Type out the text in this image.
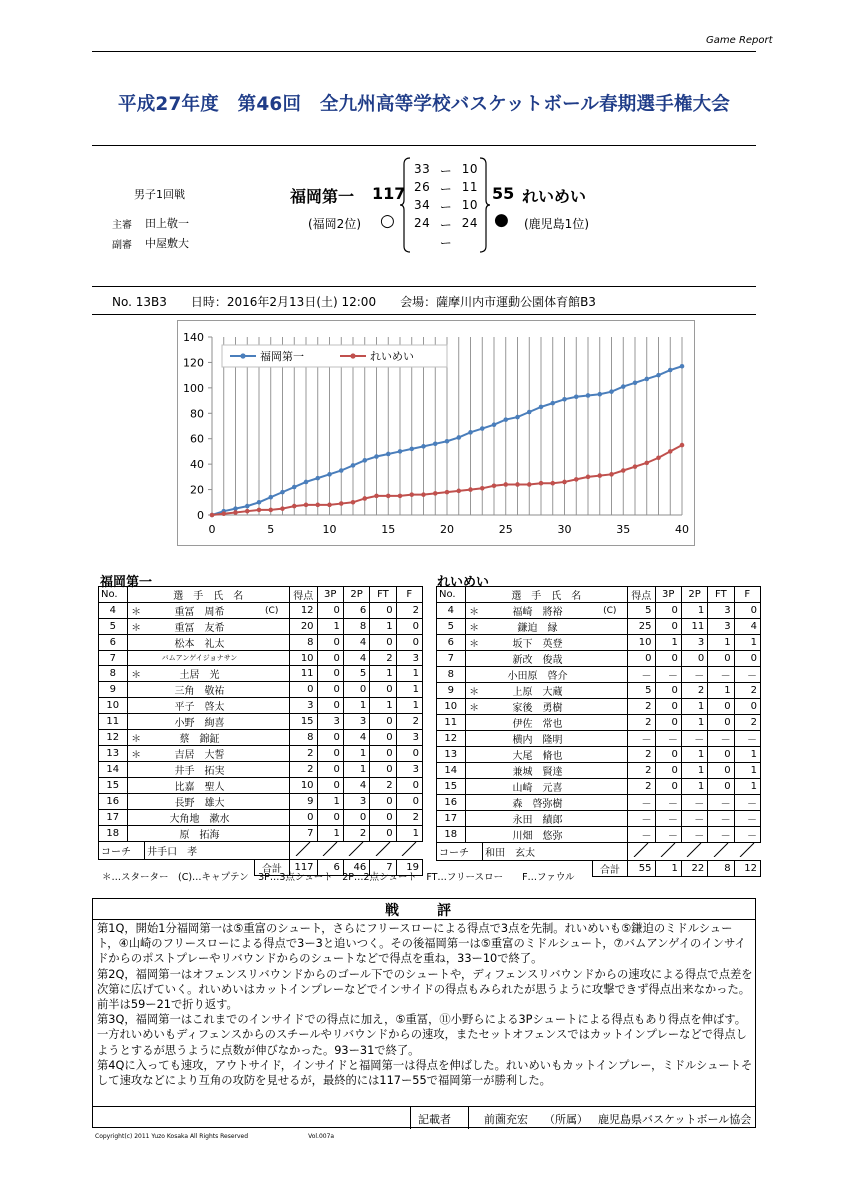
Game Report
平成27年度　第46回　全九州高等学校バスケットボール春期選手権大会
男子1回戦
主審 田上敬一
副審 中屋敷大
福岡第一 117
(福岡2位) ○
55 れいめい
● (鹿児島1位)
33 ー 10
26 ー 11
34 ー 10
24 ー 24
ー
No. 13B3　　日時：2016年2月13日(土) 12:00　　会場：薩摩川内市運動公園体育館B3
0
20
40
60
80
100
120
140
0	5	10	15	20	25	30	35	40
福岡第一	れいめい
福岡第一	れいめい
No.	選　手　氏　名			得点	3P	2P	FT	F
4	＊	重冨　周希	(C)	12	0	6	0	2
5	＊	重冨　友希		20	1	8	1	0
6		松本　礼太		8	0	4	0	0
7		バムアンゲイジョナサン		10	0	4	2	3
8	＊	土居　光		11	0	5	1	1
9		三角　敬祐		0	0	0	0	1
10		平子　啓太		3	0	1	1	1
11		小野　絢喜		15	3	3	0	2
12	＊	蔡　錦鉦		8	0	4	0	3
13	＊	吉居　大誓		2	0	1	0	0
14		井手　拓実		2	0	1	0	3
15		比嘉　聖人		10	0	4	2	0
16		長野　雄大		9	1	3	0	0
17		大角地　漱水		0	0	0	0	2
18		原　拓海		7	1	2	0	1
コーチ		井手口　孝					
			合計	117	6	46	7	19
No.	選　手　氏　名			得点	3P	2P	FT	F
4	＊	福崎　將裕	(C)	5	0	1	3	0
5	＊	鎌迫　縁		25	0	11	3	4
6	＊	坂下　英登		10	1	3	1	1
7		新改　俊哉		0	0	0	0	0
8		小田原　啓介		－	－	－	－	－
9	＊	上原　大蔵		5	0	2	1	2
10	＊	家後　勇樹		2	0	1	0	0
11		伊佐　常也		2	0	1	0	2
12		横内　隆明		－	－	－	－	－
13		大尾　脩也		2	0	1	0	1
14		兼城　賢達		2	0	1	0	1
15		山崎　元喜		2	0	1	0	1
16		森　啓弥樹		－	－	－	－	－
17		永田　績郎		－	－	－	－	－
18		川畑　悠弥		－	－	－	－	－
コーチ		和田　玄太					
			合計	55	1	22	8	12
＊…スターター　(C)…キャプテン　3P…3点シュート　2P…2点シュート　FT…フリースロー　　F…ファウル
戦　評

第1Q，開始1分福岡第一は⑤重富のシュート，さらにフリースローによる得点で3点を先制。れいめいも⑤鎌迫のミドルシュート，④山崎のフリースローによる得点で3ー3と追いつく。その後福岡第一は⑤重富のミドルシュート，⑦バムアンゲイのインサイドからのポストプレーやリバウンドからのシュートなどで得点を重ね，33ー10で終了。

第2Q，福岡第一はオフェンスリバウンドからのゴール下でのシュートや，ディフェンスリバウンドからの速攻による得点で点差を次第に広げていく。れいめいはカットインプレーなどでインサイドの得点もみられたが思うように攻撃できず得点出来なかった。前半は59ー21で折り返す。

第3Q，福岡第一はこれまでのインサイドでの得点に加え，⑤重冨，⑪小野らによる3Pシュートによる得点もあり得点を伸ばす。一方れいめいもディフェンスからのスチールやリバウンドからの速攻，またセットオフェンスではカットインプレーなどで得点しようとするが思うように点数が伸びなかった。93ー31で終了。

第4Qに入っても速攻，アウトサイド，インサイドと福岡第一は得点を伸ばした。れいめいもカットインプレー，ミドルシュートそして速攻などにより互角の攻防を見せるが，最終的には117ー55で福岡第一が勝利した。

記載者	前薗充宏 （所属） 鹿児島県バスケットボール協会
Copyright(c) 2011 Yuzo Kosaka All Rights Reserved	Vol.007a
